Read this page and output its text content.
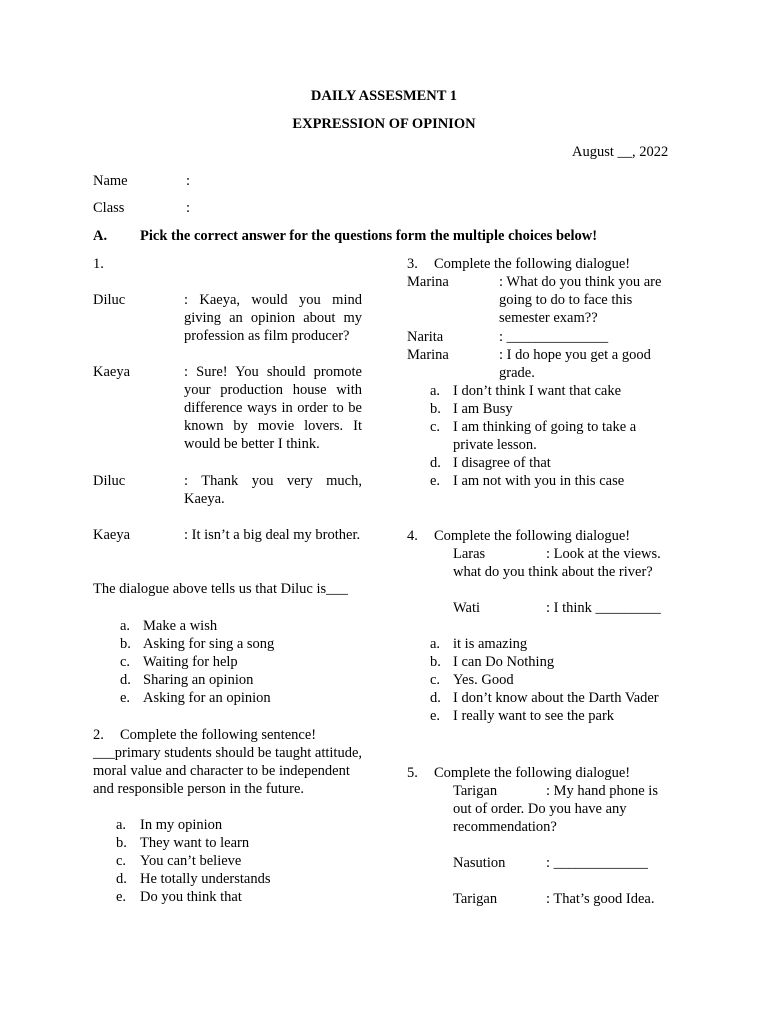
DAILY ASSESMENT 1
EXPRESSION OF OPINION
August __, 2022
Name	:
Class	:
A. Pick the correct answer for the questions form the multiple choices below!
1.
Diluc	: Kaeya, would you mind giving an opinion about my profession as film producer?
Kaeya	: Sure! You should promote your production house with difference ways in order to be known by movie lovers. It would be better I think.
Diluc	: Thank you very much, Kaeya.
Kaeya	: It isn’t a big deal my brother.
The dialogue above tells us that Diluc is___
a. Make a wish
b. Asking for sing a song
c. Waiting for help
d. Sharing an opinion
e. Asking for an opinion
2. Complete the following sentence!
___primary students should be taught attitude, moral value and character to be independent and responsible person in the future.
a. In my opinion
b. They want to learn
c. You can’t believe
d. He totally understands
e. Do you think that
3. Complete the following dialogue!
Marina	: What do you think you are
going to do to face this
semester exam??
Narita	: ______________
Marina	: I do hope you get a good
grade.
a. I don’t think I want that cake
b. I am Busy
c. I am thinking of going to take a
private lesson.
d. I disagree of that
e. I am not with you in this case
4. Complete the following dialogue!
Laras	: Look at the views.
what do you think about the river?
Wati	: I think _________
a. it is amazing
b. I can Do Nothing
c. Yes. Good
d. I don’t know about the Darth Vader
e. I really want to see the park
5. Complete the following dialogue!
Tarigan	: My hand phone is
out of order. Do you have any
recommendation?
Nasution	: _____________
Tarigan	: That’s good Idea.
